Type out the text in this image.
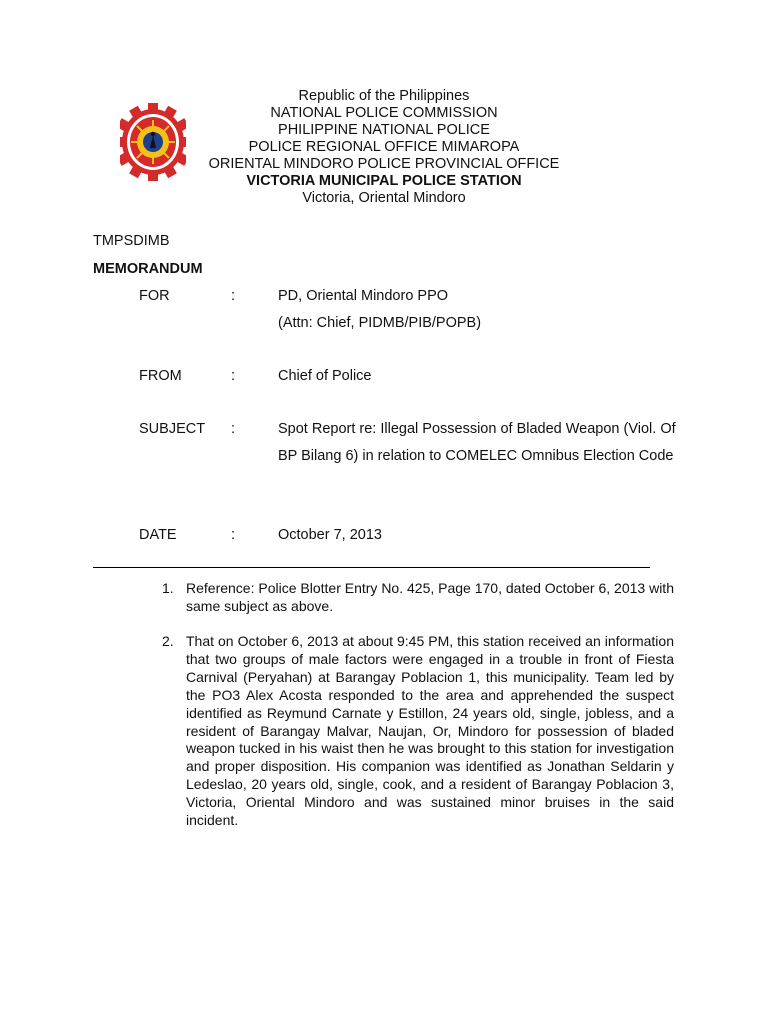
Republic of the Philippines
NATIONAL POLICE COMMISSION
PHILIPPINE NATIONAL POLICE
POLICE REGIONAL OFFICE MIMAROPA
ORIENTAL MINDORO POLICE PROVINCIAL OFFICE
VICTORIA MUNICIPAL POLICE STATION
Victoria, Oriental Mindoro
TMPSDIMB
MEMORANDUM
FOR	:	PD, Oriental Mindoro PPO
(Attn: Chief, PIDMB/PIB/POPB)
FROM	:	Chief of Police
SUBJECT :	Spot Report re: Illegal Possession of Bladed Weapon (Viol. Of BP Bilang 6) in relation to COMELEC Omnibus Election Code
DATE	:	October 7, 2013
1. Reference: Police Blotter Entry No. 425, Page 170, dated October 6, 2013 with same subject as above.
2. That on October 6, 2013 at about 9:45 PM, this station received an information that two groups of male factors were engaged in a trouble in front of Fiesta Carnival (Peryahan) at Barangay Poblacion 1, this municipality. Team led by the PO3 Alex Acosta responded to the area and apprehended the suspect identified as Reymund Carnate y Estillon, 24 years old, single, jobless, and a resident of Barangay Malvar, Naujan, Or, Mindoro for possession of bladed weapon tucked in his waist then he was brought to this station for investigation and proper disposition. His companion was identified as Jonathan Seldarin y Ledeslao, 20 years old, single, cook, and a resident of Barangay Poblacion 3, Victoria, Oriental Mindoro and was sustained minor bruises in the said incident.
